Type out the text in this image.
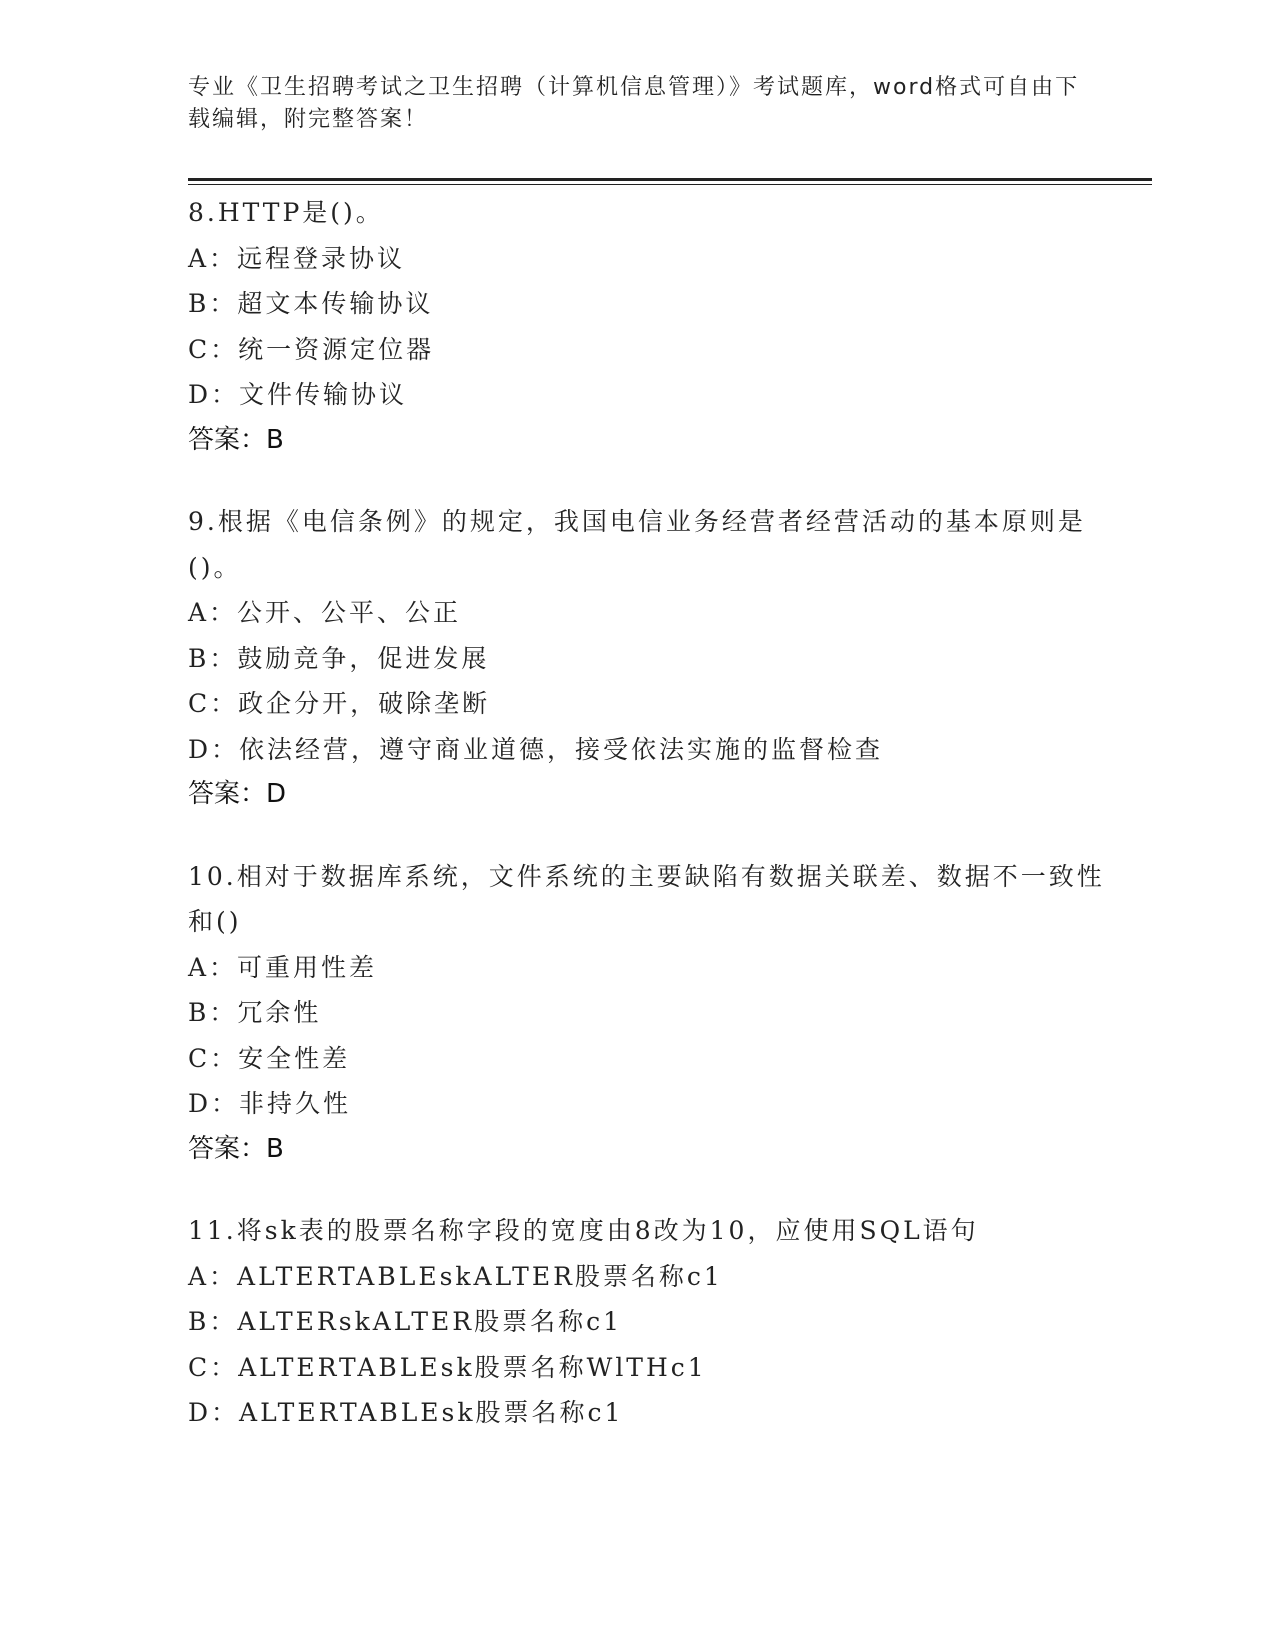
专业《卫生招聘考试之卫生招聘（计算机信息管理）》考试题库，word格式可自由下载编辑，附完整答案！
8.HTTP是()。
A：远程登录协议
B：超文本传输协议
C：统一资源定位器
D：文件传输协议
答案：B
9.根据《电信条例》的规定，我国电信业务经营者经营活动的基本原则是()。
A：公开、公平、公正
B：鼓励竞争，促进发展
C：政企分开，破除垄断
D：依法经营，遵守商业道德，接受依法实施的监督检查
答案：D
10.相对于数据库系统，文件系统的主要缺陷有数据关联差、数据不一致性和()
A：可重用性差
B：冗余性
C：安全性差
D：非持久性
答案：B
11.将sk表的股票名称字段的宽度由8改为10，应使用SQL语句
A：ALTERTABLEskALTER股票名称c1
B：ALTERskALTER股票名称c1
C：ALTERTABLEsk股票名称WlTHc1
D：ALTERTABLEsk股票名称c1
